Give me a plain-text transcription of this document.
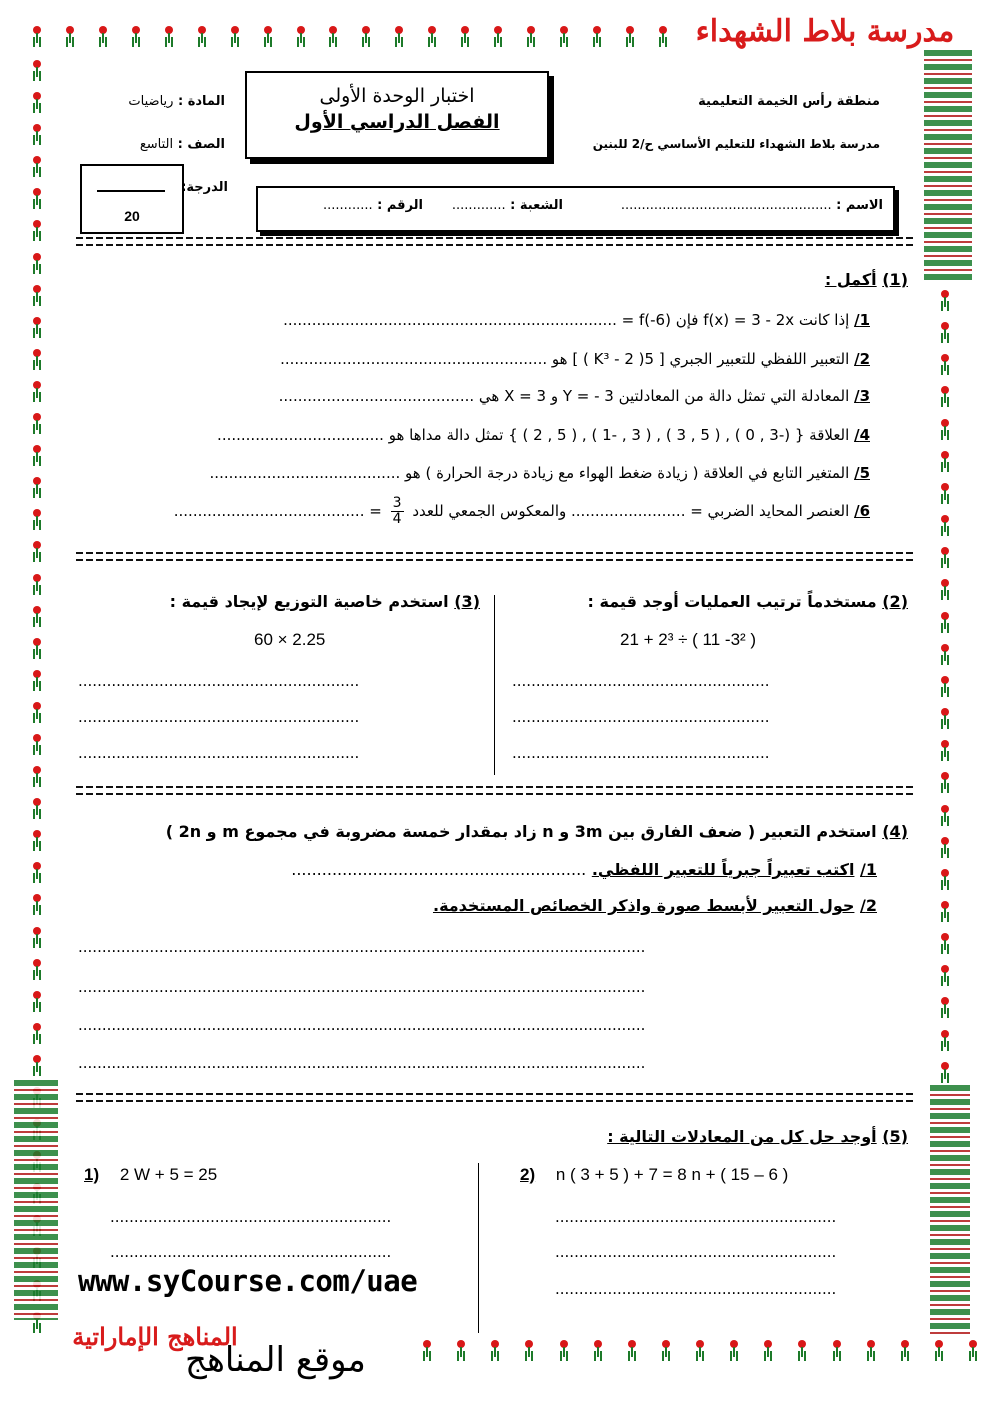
مدرسة بلاط الشهداء
المناهج الإماراتية
منطقة رأس الخيمة التعليمية
مدرسة بلاط الشهداء للتعليم الأساسي ح/2 للبنين
المادة : رياضيات
الصف : التاسع
اختبار الوحدة الأولى
الفصل الدراسي الأول
20
الدرجة:
الاسم : ...................................................
الشعبة : .............
الرقم : ............
(1) أكمل :
1/ إذا كانت f(x) = 3 - 2x فإن f(-6) = ......................................................................
2/ التعبير اللفظي للتعبير الجبري [ 5( K³ - 2 ) ] هو ........................................................
3/ المعادلة التي تمثل دالة من المعادلتين Y = - 3 و X = 3 هي .........................................
4/ العلاقة { (-3 , 0 ) , ( 5 , 3 ) , ( 3 , -1 ) , ( 5 , 2 ) } تمثل دالة مداها هو ...................................
5/ المتغير التابع في العلاقة ( زيادة ضغط الهواء مع زيادة درجة الحرارة ) هو ........................................
6/ العنصر المحايد الضربي = ........................ والمعكوس الجمعي للعدد
$\frac{3}{4}$
= ........................................
(2) مستخدماً ترتيب العمليات أوجد قيمة :
21 + 2³ ÷ ( 11 -3² )
......................................................
......................................................
......................................................
(3) استخدم خاصية التوزيع لإيجاد قيمة :
60 × 2.25
...........................................................
...........................................................
...........................................................
(4) استخدم التعبير ( ضعف الفارق بين 3m و n زاد بمقدار خمسة مضروبة في مجموع m و 2n )
1/ اكتب تعبيراً جبرياً للتعبير اللفظي. ..........................................................
2/ حول التعبير لأبسط صورة واذكر الخصائص المستخدمة.
.......................................................................................................................
.......................................................................................................................
.......................................................................................................................
.......................................................................................................................
(5) أوجد حل كل من المعادلات التالية :
1) 2 W + 5 = 25
...........................................................
...........................................................
2) n ( 3 + 5 ) + 7 = 8 n + ( 15 – 6 )
...........................................................
...........................................................
...........................................................
www.syCourse.com/uae
موقع المناهج
